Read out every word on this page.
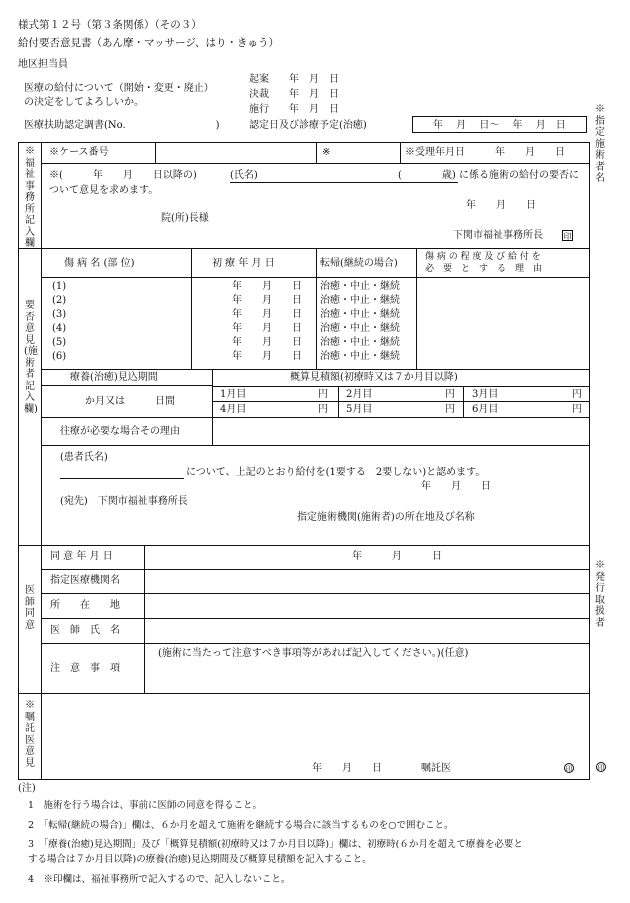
様式第１２号（第３条関係）（その３）
給付要否意見書（あん摩・マッサージ、はり・きゅう）
地区担当員
医療の給付について（開始・変更・廃止）
の決定をしてよろしいか。
起案　　年　月　日
決裁　　年　月　日
施行　　年　月　日
医療扶助認定調書(No.　　　　　　　　　)	認定日及び診療予定(治癒)	年　 月　 日～　 年　 月　日
※指定施術者名
※発行取扱者
印
※福祉事務所記入欄
※ケース番号	※	※受理年月日　　　年　　月　　日
※(　　　年　　月　　日以降の)	(氏名)	(　　　　歳) に係る施術の給付の要否に
ついて意見を求めます。
年　　月　　日
院(所)長様
下関市福祉事務所長	印
要否意見(施術者記入欄)
傷 病 名 (部 位)	初 療 年 月 日	転帰(継続の場合)
傷 病 の 程 度 及 び 給 付 を
必　要　と　す　る　理　由
(1)	年　　月　　日 治癒・中止・継続
(2)	年　　月　　日 治癒・中止・継続
(3)	年　　月　　日 治癒・中止・継続
(4)	年　　月　　日 治癒・中止・継続
(5)	年　　月　　日 治癒・中止・継続
(6)	年　　月　　日 治癒・中止・継続
療養(治癒)見込期間
か月又は　　　日間
概算見積額(初療時又は７か月目以降)
1月目	円 2月目	円 3月目	円
4月目	円 5月目	円 6月目	円
往療が必要な場合その理由
(患者氏名)
について、上記のとおり給付を(1要する　2要しない)と認めます。
年　　月　　日
(宛先)　下関市福祉事務所長
指定施術機関(施術者)の所在地及び名称
医師同意
同 意 年 月 日	年　　　月　　　日
指定医療機関名
所　　在　　地
医　師　氏　名
注　意　事　項
(施術に当たって注意すべき事項等があれば記入してください。)(任意)
※嘱託医意見	年　　月　　日	嘱託医	印
(注)
1　施術を行う場合は、事前に医師の同意を得ること。
2　「転帰(継続の場合)」欄は、６か月を超えて施術を継続する場合に該当するものを○で囲むこと。
3　「療養(治癒)見込期間」及び「概算見積額(初療時又は７か月目以降)」欄は、初療時(６か月を超えて療養を必要と
する場合は７か月目以降)の療養(治癒)見込期間及び概算見積額を記入すること。
4　※印欄は、福祉事務所で記入するので、記入しないこと。
